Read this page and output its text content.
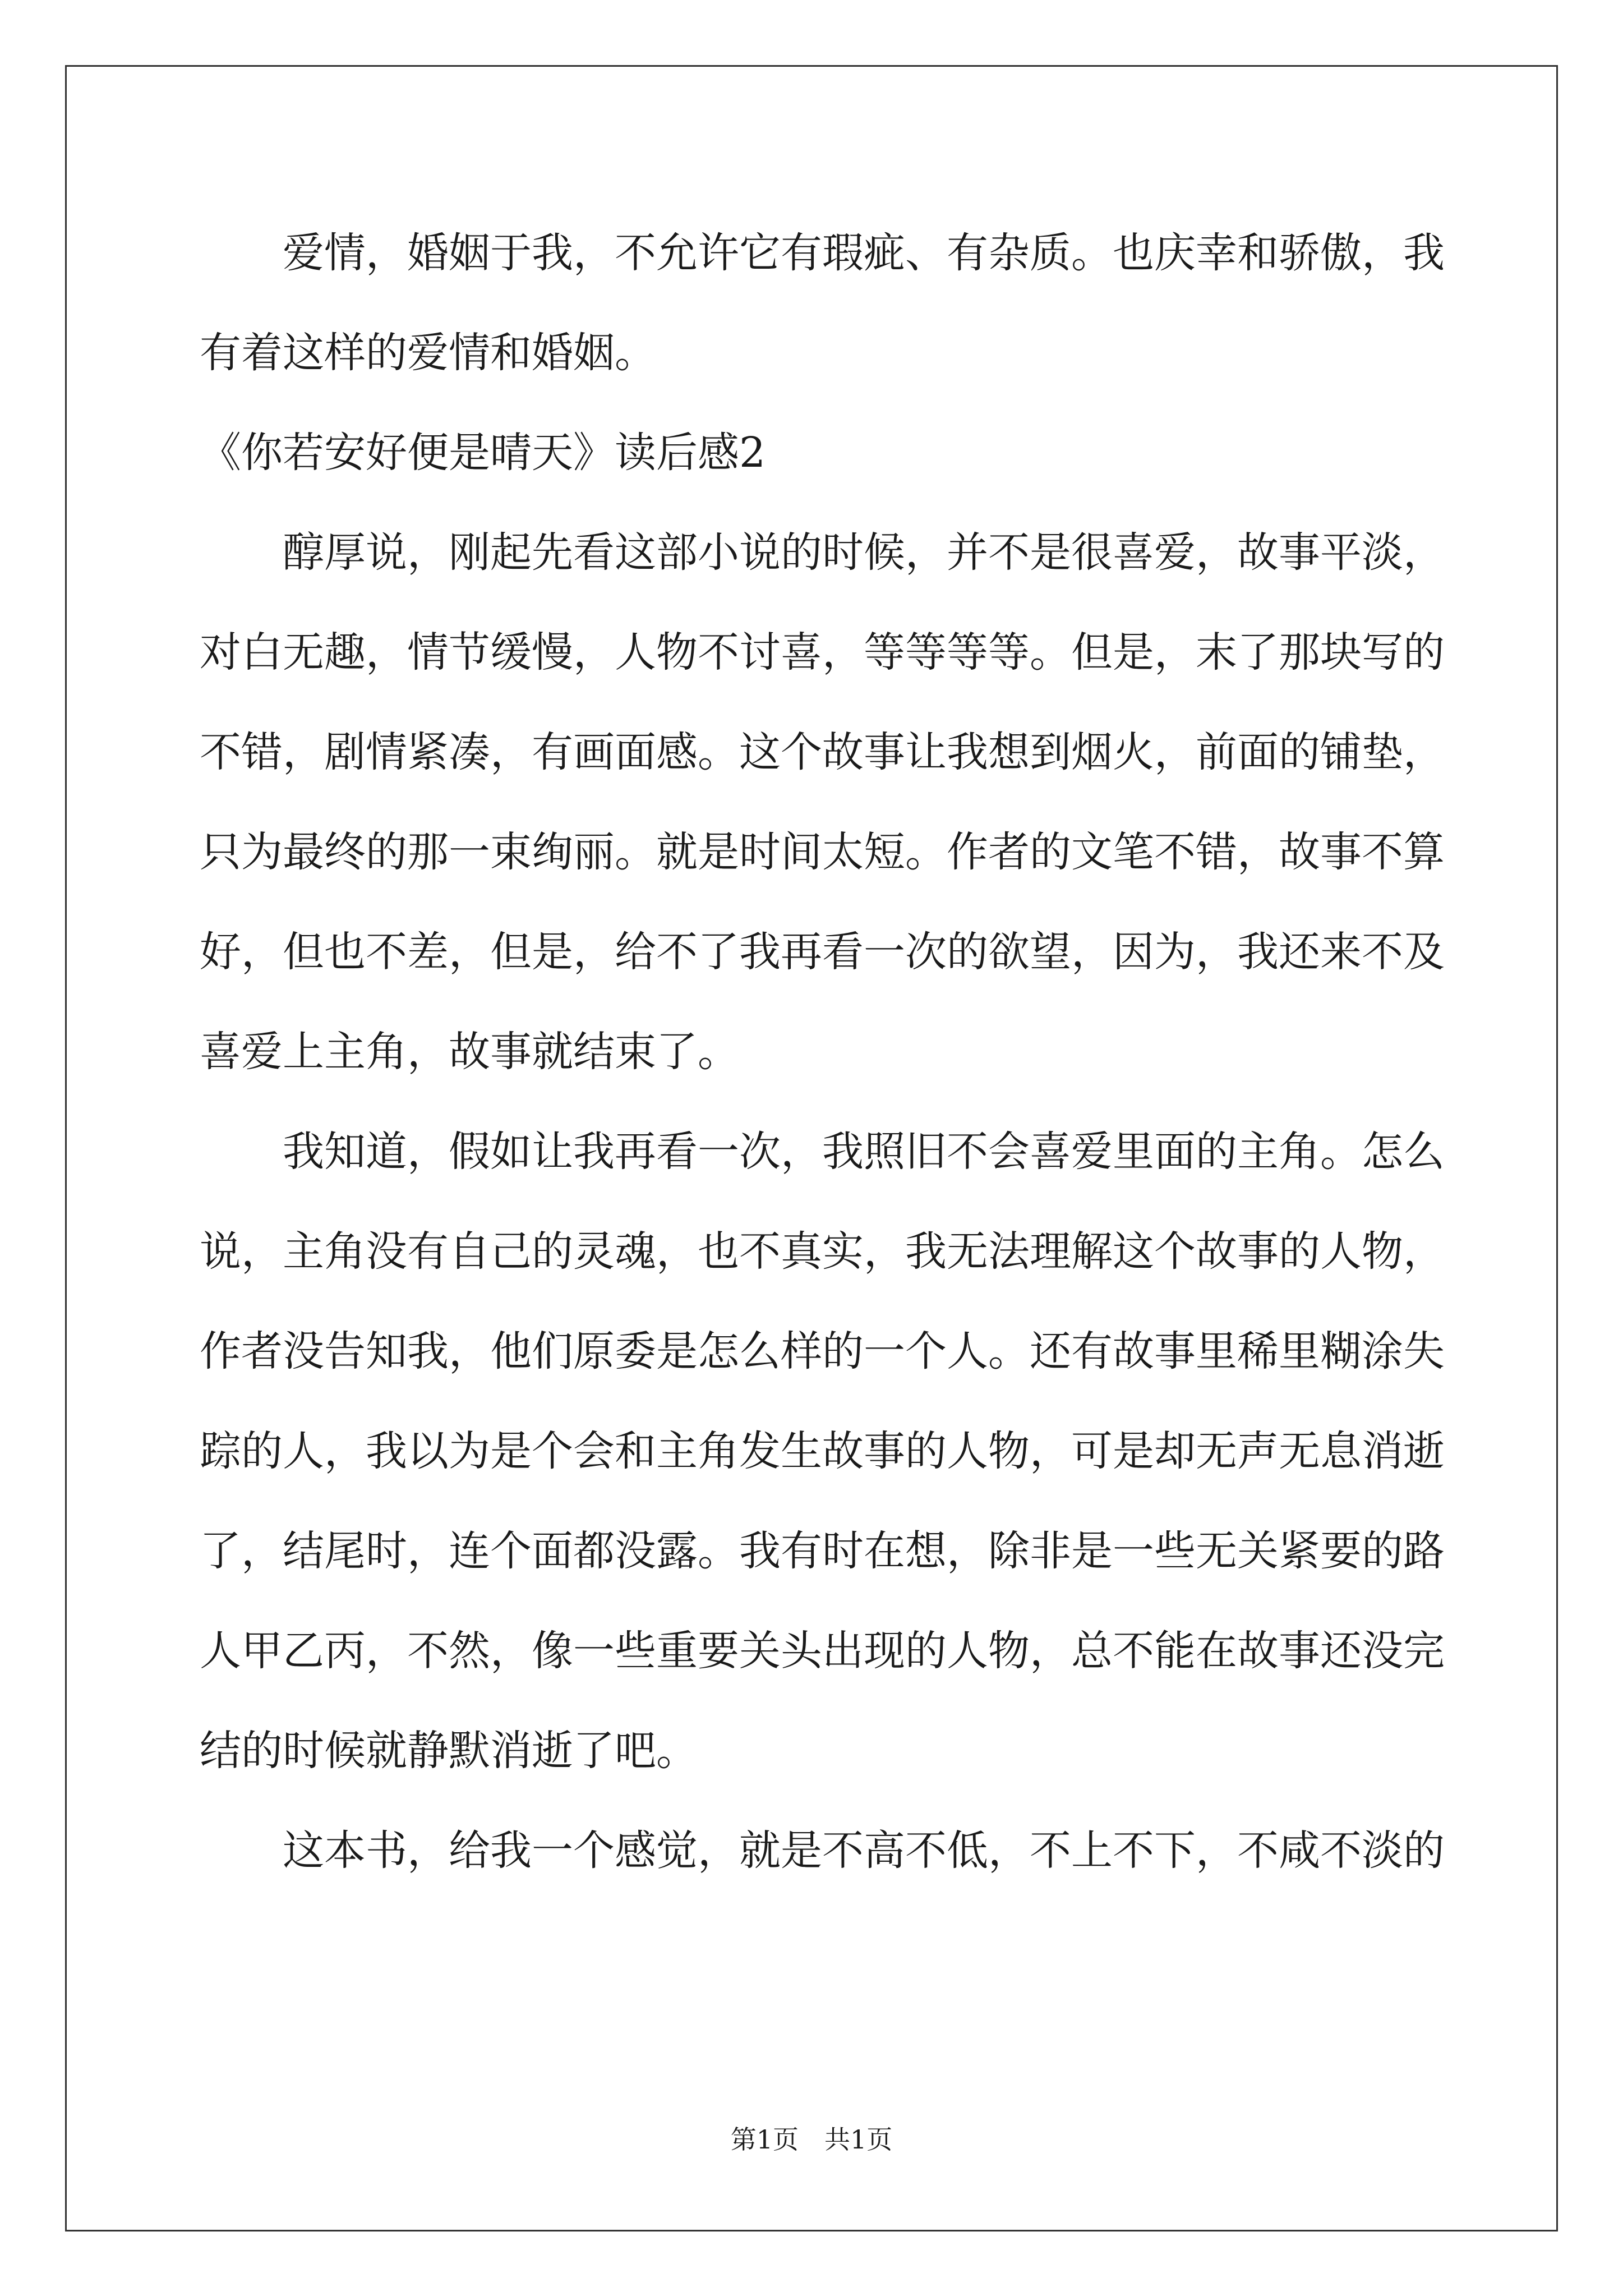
爱情，婚姻于我，不允许它有瑕疵、有杂质。也庆幸和骄傲，我
有着这样的爱情和婚姻。
《你若安好便是晴天》读后感2
醇厚说，刚起先看这部小说的时候，并不是很喜爱，故事平淡，
对白无趣，情节缓慢，人物不讨喜，等等等等。但是，末了那块写的
不错，剧情紧凑，有画面感。这个故事让我想到烟火，前面的铺垫，
只为最终的那一束绚丽。就是时间太短。作者的文笔不错，故事不算
好，但也不差，但是，给不了我再看一次的欲望，因为，我还来不及
喜爱上主角，故事就结束了。
我知道，假如让我再看一次，我照旧不会喜爱里面的主角。怎么
说，主角没有自己的灵魂，也不真实，我无法理解这个故事的人物，
作者没告知我，他们原委是怎么样的一个人。还有故事里稀里糊涂失
踪的人，我以为是个会和主角发生故事的人物，可是却无声无息消逝
了，结尾时，连个面都没露。我有时在想，除非是一些无关紧要的路
人甲乙丙，不然，像一些重要关头出现的人物，总不能在故事还没完
结的时候就静默消逝了吧。
这本书，给我一个感觉，就是不高不低，不上不下，不咸不淡的
第1页　共1页
